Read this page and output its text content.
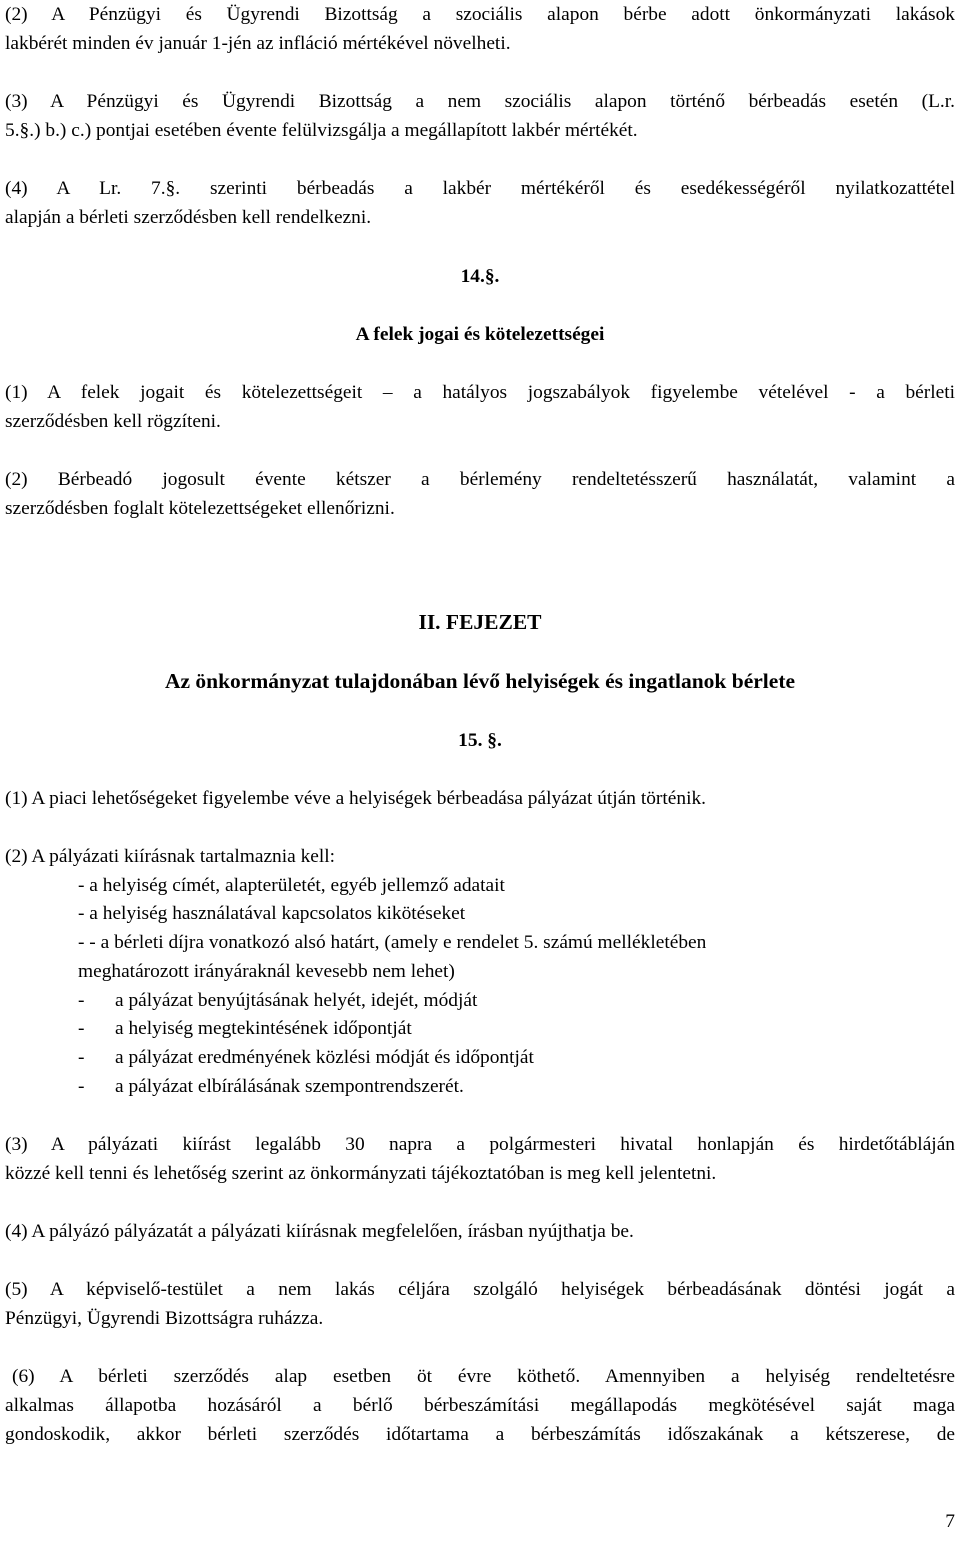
(2) A Pénzügyi és Ügyrendi Bizottság a szociális alapon bérbe adott önkormányzati lakások
lakbérét minden év január 1-jén az infláció mértékével növelheti.
(3) A Pénzügyi és Ügyrendi Bizottság a nem szociális alapon történő bérbeadás esetén (L.r.
5.§.) b.) c.) pontjai esetében évente felülvizsgálja a megállapított lakbér mértékét.
(4) A Lr. 7.§. szerinti bérbeadás a lakbér mértékéről és esedékességéről nyilatkozattétel
alapján a bérleti szerződésben kell rendelkezni.
14.§.
A felek jogai és kötelezettségei
(1) A felek jogait és kötelezettségeit – a hatályos jogszabályok figyelembe vételével - a bérleti
szerződésben kell rögzíteni.
(2) Bérbeadó jogosult évente kétszer a bérlemény rendeltetésszerű használatát, valamint a
szerződésben foglalt kötelezettségeket ellenőrizni.
II. FEJEZET
Az önkormányzat tulajdonában lévő helyiségek és ingatlanok bérlete
15. §.
(1) A piaci lehetőségeket figyelembe véve a helyiségek bérbeadása pályázat útján történik.
(2) A pályázati kiírásnak tartalmaznia kell:
- a helyiség címét, alapterületét, egyéb jellemző adatait
- a helyiség használatával kapcsolatos kikötéseket
- - a bérleti díjra vonatkozó alsó határt, (amely e rendelet 5. számú mellékletében
meghatározott irányáraknál kevesebb nem lehet)
- a pályázat benyújtásának helyét, idejét, módját
- a helyiség megtekintésének időpontját
- a pályázat eredményének közlési módját és időpontját
- a pályázat elbírálásának szempontrendszerét.
(3) A pályázati kiírást legalább 30 napra a polgármesteri hivatal honlapján és hirdetőtábláján
közzé kell tenni és lehetőség szerint az önkormányzati tájékoztatóban is meg kell jelentetni.
(4) A pályázó pályázatát a pályázati kiírásnak megfelelően, írásban nyújthatja be.
(5) A képviselő-testület a nem lakás céljára szolgáló helyiségek bérbeadásának döntési jogát a
Pénzügyi, Ügyrendi Bizottságra ruházza.
(6) A bérleti szerződés alap esetben öt évre köthető. Amennyiben a helyiség rendeltetésre
alkalmas állapotba hozásáról a bérlő bérbeszámítási megállapodás megkötésével saját maga
gondoskodik, akkor bérleti szerződés időtartama a bérbeszámítás időszakának a kétszerese, de
7
